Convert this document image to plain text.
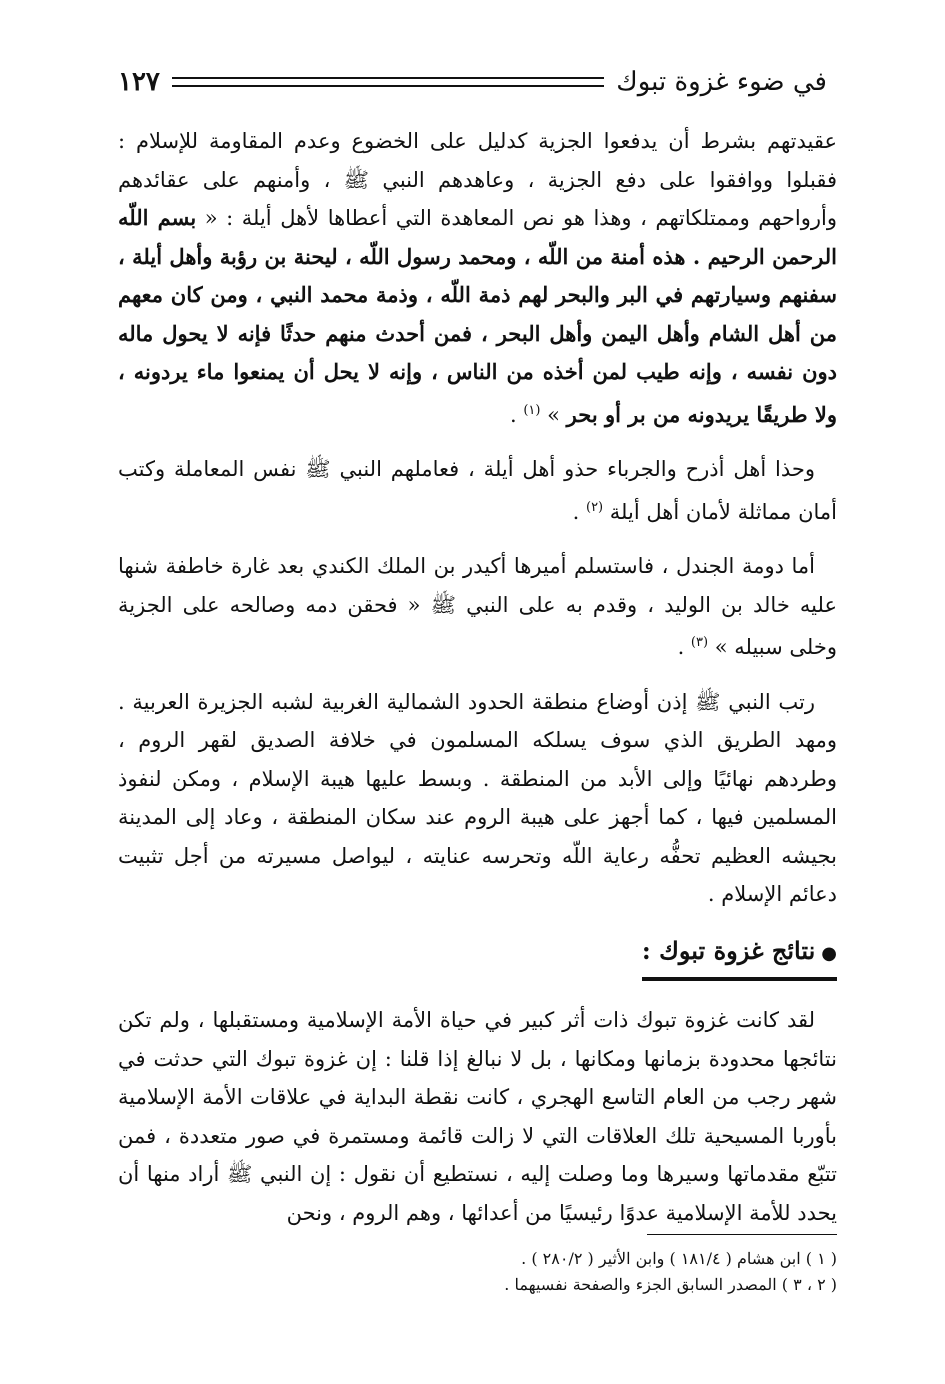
في ضوء غزوة تبوك
١٢٧

عقيدتهم بشرط أن يدفعوا الجزية كدليل على الخضوع وعدم المقاومة للإسلام : فقبلوا ووافقوا على دفع الجزية ، وعاهدهم النبي ﷺ ، وأمنهم على عقائدهم وأرواحهم وممتلكاتهم ، وهذا هو نص المعاهدة التي أعطاها لأهل أيلة : « بسم اللّه الرحمن الرحيم . هذه أمنة من اللّه ، ومحمد رسول اللّه ، ليحنة بن رؤبة وأهل أيلة ، سفنهم وسيارتهم في البر والبحر لهم ذمة اللّه ، وذمة محمد النبي ، ومن كان معهم من أهل الشام وأهل اليمن وأهل البحر ، فمن أحدث منهم حدثًا فإنه لا يحول ماله دون نفسه ، وإنه طيب لمن أخذه من الناس ، وإنه لا يحل أن يمنعوا ماء يردونه ، ولا طريقًا يريدونه من بر أو بحر » $^{(١)}$ .

وحذا أهل أذرح والجرباء حذو أهل أيلة ، فعاملهم النبي ﷺ نفس المعاملة وكتب أمان مماثلة لأمان أهل أيلة $^{(٢)}$ .

أما دومة الجندل ، فاستسلم أميرها أكيدر بن الملك الكندي بعد غارة خاطفة شنها عليه خالد بن الوليد ، وقدم به على النبي ﷺ « فحقن دمه وصالحه على الجزية وخلى سبيله » $^{(٣)}$ .

رتب النبي ﷺ إذن أوضاع منطقة الحدود الشمالية الغربية لشبه الجزيرة العربية . ومهد الطريق الذي سوف يسلكه المسلمون في خلافة الصديق لقهر الروم ، وطردهم نهائيًا وإلى الأبد من المنطقة . وبسط عليها هيبة الإسلام ، ومكن لنفوذ المسلمين فيها ، كما أجهز على هيبة الروم عند سكان المنطقة ، وعاد إلى المدينة بجيشه العظيم تحفُّه رعاية اللّه وتحرسه عنايته ، ليواصل مسيرته من أجل تثبيت دعائم الإسلام .

●نتائج غزوة تبوك :

لقد كانت غزوة تبوك ذات أثر كبير في حياة الأمة الإسلامية ومستقبلها ، ولم تكن نتائجها محدودة بزمانها ومكانها ، بل لا نبالغ إذا قلنا : إن غزوة تبوك التي حدثت في شهر رجب من العام التاسع الهجري ، كانت نقطة البداية في علاقات الأمة الإسلامية بأوربا المسيحية تلك العلاقات التي لا زالت قائمة ومستمرة في صور متعددة ، فمن تتبّع مقدماتها وسيرها وما وصلت إليه ، نستطيع أن نقول : إن النبي ﷺ أراد منها أن يحدد للأمة الإسلامية عدوًا رئيسيًا من أعدائها ، وهم الروم ، ونحن

( ١ ) ابن هشام ( ١٨١/٤ ) وابن الأثير ( ٢٨٠/٢ ) .
( ٢ ، ٣ ) المصدر السابق الجزء والصفحة نفسيهما .
